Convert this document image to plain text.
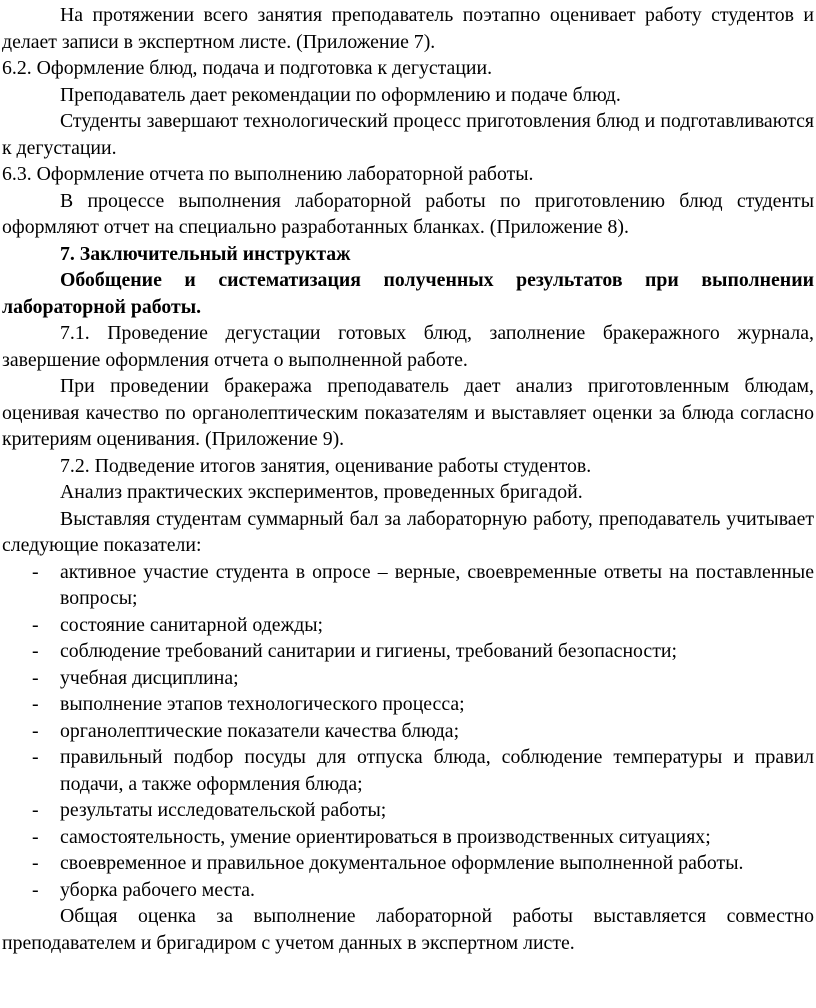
На протяжении всего занятия преподаватель поэтапно оценивает работу студентов и делает записи в экспертном листе. (Приложение 7).

6.2. Оформление блюд, подача и подготовка к дегустации.

Преподаватель дает рекомендации по оформлению и подаче блюд.

Студенты завершают технологический процесс приготовления блюд и подготавливаются к дегустации.

6.3. Оформление отчета по выполнению лабораторной работы.

В процессе выполнения лабораторной работы по приготовлению блюд студенты оформляют отчет на специально разработанных бланках. (Приложение 8).

7. Заключительный инструктаж

Обобщение и систематизация полученных результатов при выполнении лабораторной работы.

7.1. Проведение дегустации готовых блюд, заполнение бракеражного журнала, завершение оформления отчета о выполненной работе.

При проведении бракеража преподаватель дает анализ приготовленным блюдам, оценивая качество по органолептическим показателям и выставляет оценки за блюда согласно критериям оценивания. (Приложение 9).

7.2. Подведение итогов занятия, оценивание работы студентов.

Анализ практических экспериментов, проведенных бригадой.

Выставляя студентам суммарный бал за лабораторную работу, преподаватель учитывает следующие показатели:

- активное участие студента в опросе – верные, своевременные ответы на поставленные вопросы;
- состояние санитарной одежды;
- соблюдение требований санитарии и гигиены, требований безопасности;
- учебная дисциплина;
- выполнение этапов технологического процесса;
- органолептические показатели качества блюда;
- правильный подбор посуды для отпуска блюда, соблюдение температуры и правил подачи, а также оформления блюда;
- результаты исследовательской работы;
- самостоятельность, умение ориентироваться в производственных ситуациях;
- своевременное и правильное документальное оформление выполненной работы.
- уборка рабочего места.

Общая оценка за выполнение лабораторной работы выставляется совместно преподавателем и бригадиром с учетом данных в экспертном листе.
